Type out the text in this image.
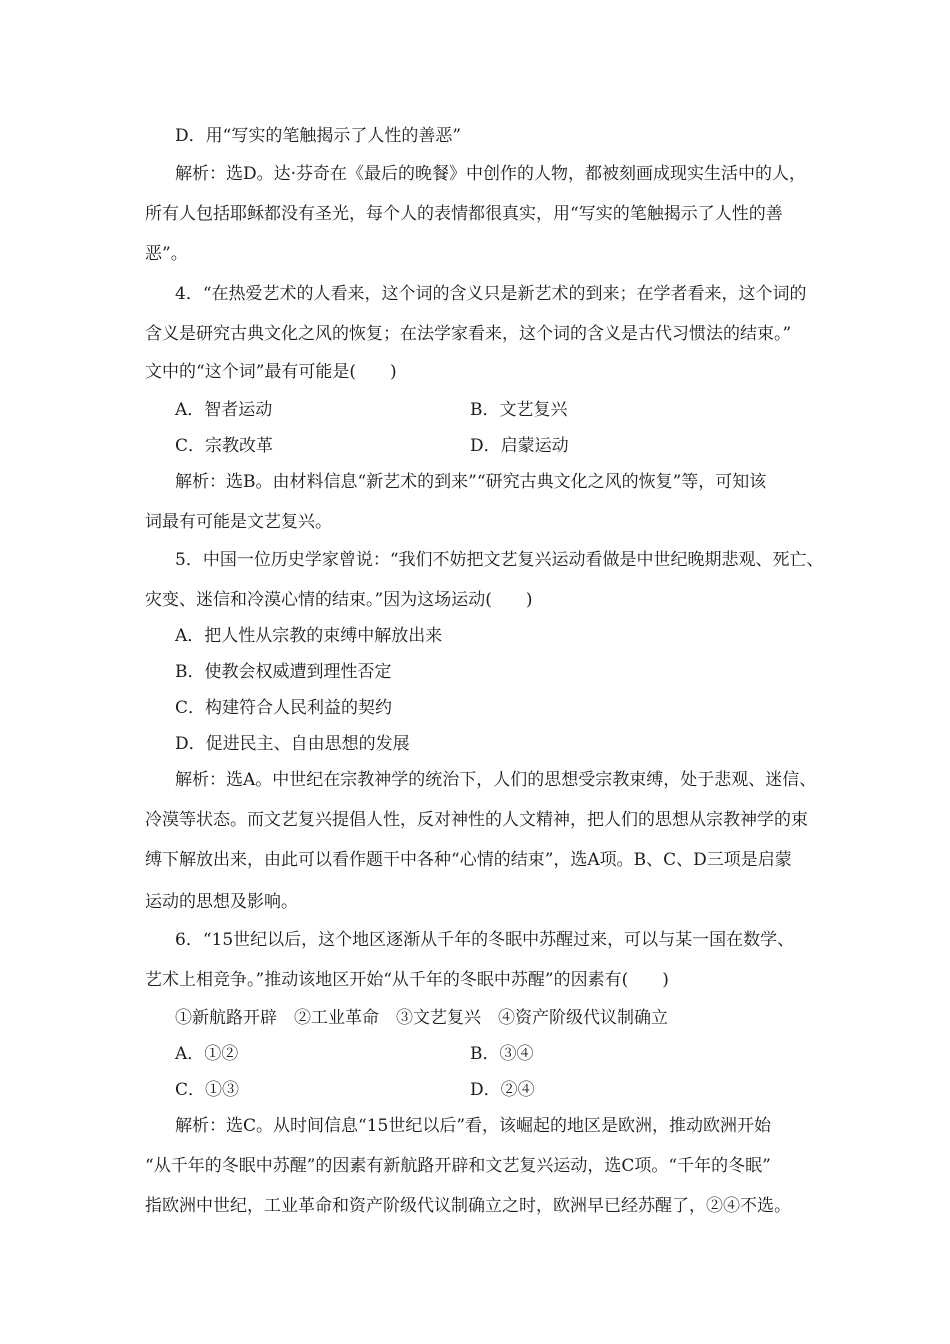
D．用“写实的笔触揭示了人性的善恶”
解析：选D。达·芬奇在《最后的晚餐》中创作的人物，都被刻画成现实生活中的人，
所有人包括耶稣都没有圣光，每个人的表情都很真实，用“写实的笔触揭示了人性的善
恶”。
4．“在热爱艺术的人看来，这个词的含义只是新艺术的到来；在学者看来，这个词的
含义是研究古典文化之风的恢复；在法学家看来，这个词的含义是古代习惯法的结束。”
文中的“这个词”最有可能是(　　)
A．智者运动	B．文艺复兴
C．宗教改革	D．启蒙运动
解析：选B。由材料信息“新艺术的到来”“研究古典文化之风的恢复”等，可知该
词最有可能是文艺复兴。
5．中国一位历史学家曾说：“我们不妨把文艺复兴运动看做是中世纪晚期悲观、死亡、
灾变、迷信和冷漠心情的结束。”因为这场运动(　　)
A．把人性从宗教的束缚中解放出来
B．使教会权威遭到理性否定
C．构建符合人民利益的契约
D．促进民主、自由思想的发展
解析：选A。中世纪在宗教神学的统治下，人们的思想受宗教束缚，处于悲观、迷信、
冷漠等状态。而文艺复兴提倡人性，反对神性的人文精神，把人们的思想从宗教神学的束
缚下解放出来，由此可以看作题干中各种“心情的结束”，选A项。B、C、D三项是启蒙
运动的思想及影响。
6．“15世纪以后，这个地区逐渐从千年的冬眠中苏醒过来，可以与某一国在数学、
艺术上相竞争。”推动该地区开始“从千年的冬眠中苏醒”的因素有(　　)
①新航路开辟　②工业革命　③文艺复兴　④资产阶级代议制确立
A．①②	B．③④
C．①③	D．②④
解析：选C。从时间信息“15世纪以后”看，该崛起的地区是欧洲，推动欧洲开始
“从千年的冬眠中苏醒”的因素有新航路开辟和文艺复兴运动，选C项。“千年的冬眠”
指欧洲中世纪，工业革命和资产阶级代议制确立之时，欧洲早已经苏醒了，②④不选。
